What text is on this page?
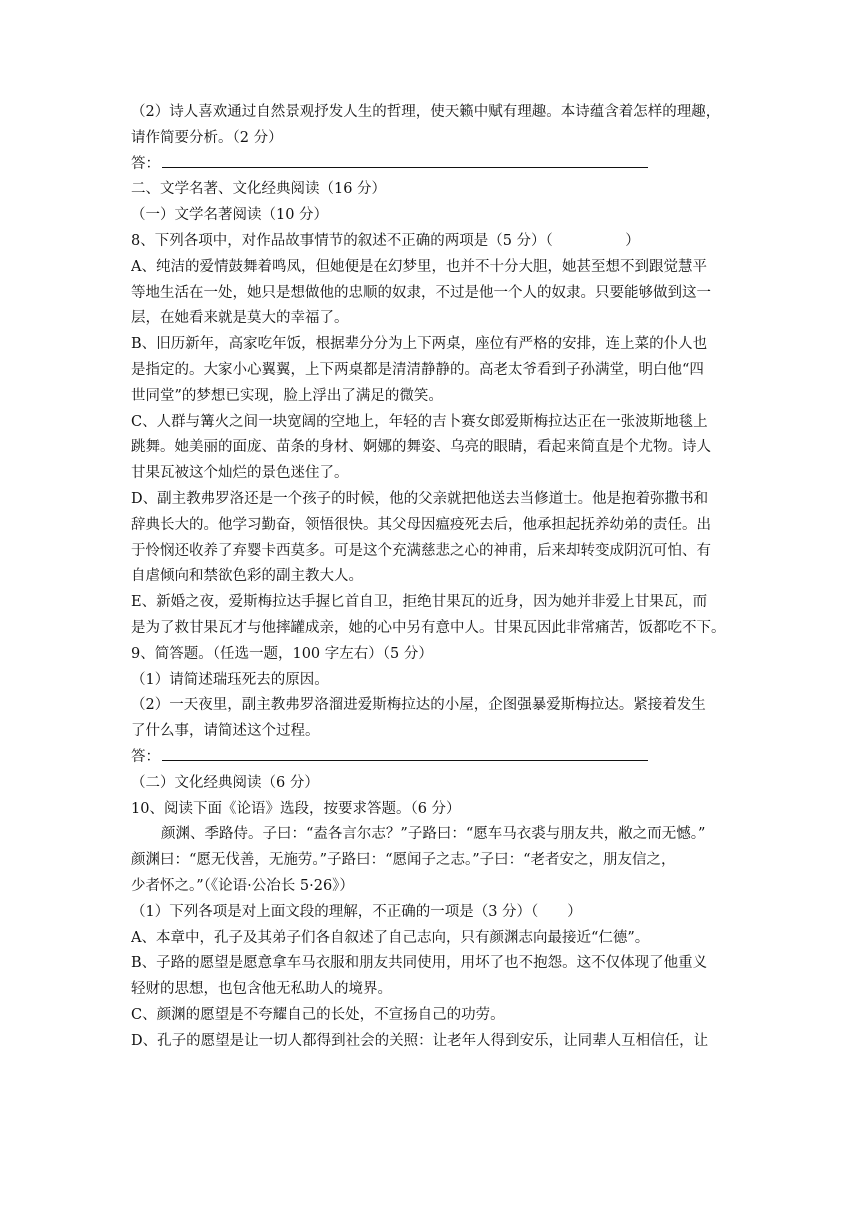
（2）诗人喜欢通过自然景观抒发人生的哲理，使天籁中赋有理趣。本诗蕴含着怎样的理趣，
请作简要分析。（2 分）
答：
二、文学名著、文化经典阅读（16 分）
（一）文学名著阅读（10 分）
8、下列各项中，对作品故事情节的叙述不正确的两项是（5 分）（　　　　　）
A、纯洁的爱情鼓舞着鸣凤，但她便是在幻梦里，也并不十分大胆，她甚至想不到跟觉慧平
等地生活在一处，她只是想做他的忠顺的奴隶，不过是他一个人的奴隶。只要能够做到这一
层，在她看来就是莫大的幸福了。
B、旧历新年，高家吃年饭，根据辈分分为上下两桌，座位有严格的安排，连上菜的仆人也
是指定的。大家小心翼翼，上下两桌都是清清静静的。高老太爷看到子孙满堂，明白他“四
世同堂”的梦想已实现，脸上浮出了满足的微笑。
C、人群与篝火之间一块宽阔的空地上，年轻的吉卜赛女郎爱斯梅拉达正在一张波斯地毯上
跳舞。她美丽的面庞、苗条的身材、婀娜的舞姿、乌亮的眼睛，看起来简直是个尤物。诗人
甘果瓦被这个灿烂的景色迷住了。
D、副主教弗罗洛还是一个孩子的时候，他的父亲就把他送去当修道士。他是抱着弥撒书和
辞典长大的。他学习勤奋，领悟很快。其父母因瘟疫死去后，他承担起抚养幼弟的责任。出
于怜悯还收养了弃婴卡西莫多。可是这个充满慈悲之心的神甫，后来却转变成阴沉可怕、有
自虐倾向和禁欲色彩的副主教大人。
E、新婚之夜，爱斯梅拉达手握匕首自卫，拒绝甘果瓦的近身，因为她并非爱上甘果瓦，而
是为了救甘果瓦才与他摔罐成亲，她的心中另有意中人。甘果瓦因此非常痛苦，饭都吃不下。
9、简答题。（任选一题，100 字左右）（5 分）
（1）请简述瑞珏死去的原因。
（2）一天夜里，副主教弗罗洛溜进爱斯梅拉达的小屋，企图强暴爱斯梅拉达。紧接着发生
了什么事，请简述这个过程。
答：
（二）文化经典阅读（6 分）
10、阅读下面《论语》选段，按要求答题。（6 分）
颜渊、季路侍。子曰：“盍各言尔志？”子路曰：“愿车马衣裘与朋友共，敝之而无憾。”
颜渊曰：“愿无伐善，无施劳。”子路曰：“愿闻子之志。”子曰：“老者安之，朋友信之，
少者怀之。”（《论语·公冶长 5·26》）
（1）下列各项是对上面文段的理解，不正确的一项是（3 分）（　　）
A、本章中，孔子及其弟子们各自叙述了自己志向，只有颜渊志向最接近“仁德”。
B、子路的愿望是愿意拿车马衣服和朋友共同使用，用坏了也不抱怨。这不仅体现了他重义
轻财的思想，也包含他无私助人的境界。
C、颜渊的愿望是不夸耀自己的长处，不宣扬自己的功劳。
D、孔子的愿望是让一切人都得到社会的关照：让老年人得到安乐，让同辈人互相信任，让
